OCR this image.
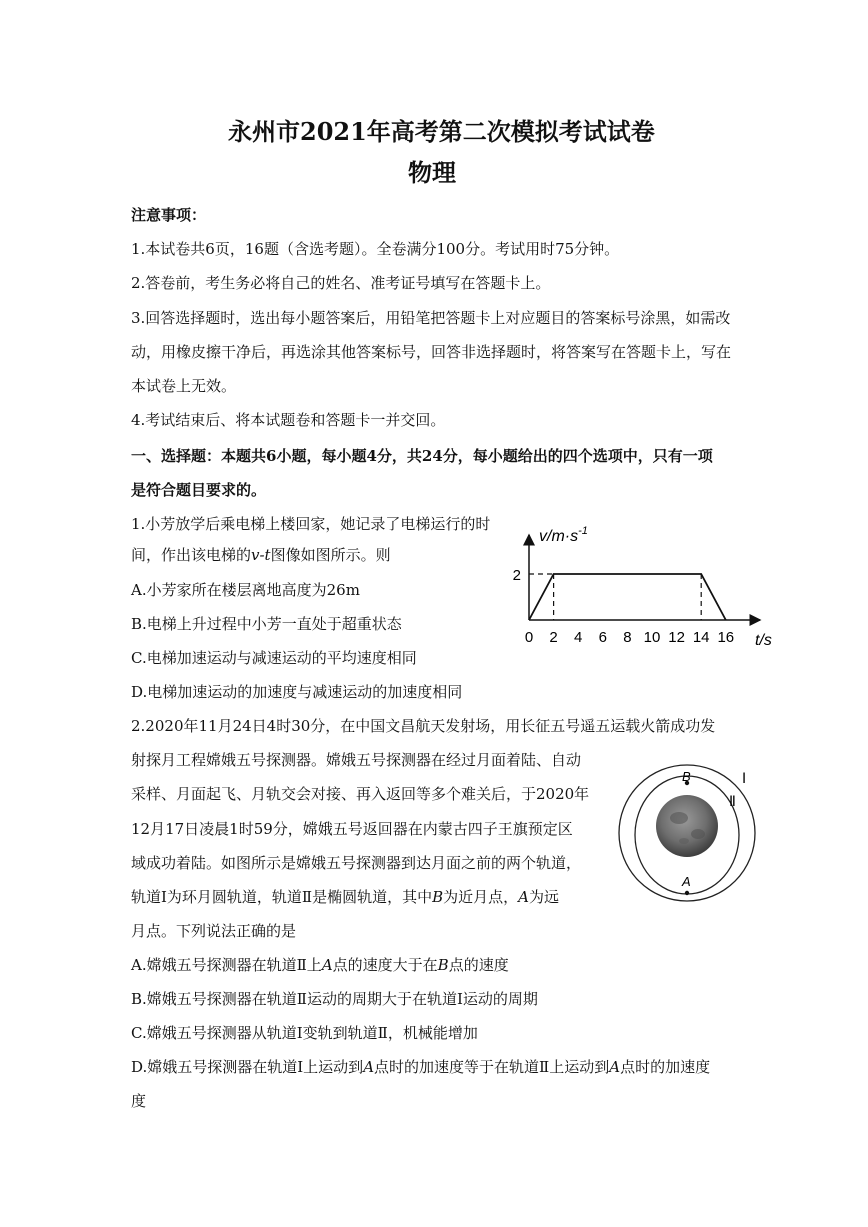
永州市2021年高考第二次模拟考试试卷
物理
注意事项：
1.本试卷共6页，16题（含选考题）。全卷满分100分。考试用时75分钟。
2.答卷前，考生务必将自己的姓名、准考证号填写在答题卡上。
3.回答选择题时，选出每小题答案后，用铅笔把答题卡上对应题目的答案标号涂黑，如需改
动，用橡皮擦干净后，再选涂其他答案标号，回答非选择题时，将答案写在答题卡上，写在
本试卷上无效。
4.考试结束后、将本试题卷和答题卡一并交回。
一、选择题：本题共6小题，每小题4分，共24分，每小题给出的四个选项中，只有一项
是符合题目要求的。
1.小芳放学后乘电梯上楼回家，她记录了电梯运行的时
间，作出该电梯的v-t图像如图所示。则
A.小芳家所在楼层离地高度为26m
B.电梯上升过程中小芳一直处于超重状态
C.电梯加速运动与减速运动的平均速度相同
D.电梯加速运动的加速度与减速运动的加速度相同
$v/m\cdot s^{-1}$
t/s
2
0 2 4 6 8 10 12 14 16
2.2020年11月24日4时30分，在中国文昌航天发射场，用长征五号遥五运载火箭成功发
射探月工程嫦娥五号探测器。嫦娥五号探测器在经过月面着陆、自动
采样、月面起飞、月轨交会对接、再入返回等多个难关后，于2020年
12月17日凌晨1时59分，嫦娥五号返回器在内蒙古四子王旗预定区
域成功着陆。如图所示是嫦娥五号探测器到达月面之前的两个轨道，
轨道Ⅰ为环月圆轨道，轨道Ⅱ是椭圆轨道，其中B为近月点，A为远
月点。下列说法正确的是
A.嫦娥五号探测器在轨道Ⅱ上A点的速度大于在B点的速度
B.嫦娥五号探测器在轨道Ⅱ运动的周期大于在轨道Ⅰ运动的周期
C.嫦娥五号探测器从轨道Ⅰ变轨到轨道Ⅱ，机械能增加
D.嫦娥五号探测器在轨道Ⅰ上运动到A点时的加速度等于在轨道Ⅱ上运动到A点时的加速度
度
B
A
Ⅰ
Ⅱ
